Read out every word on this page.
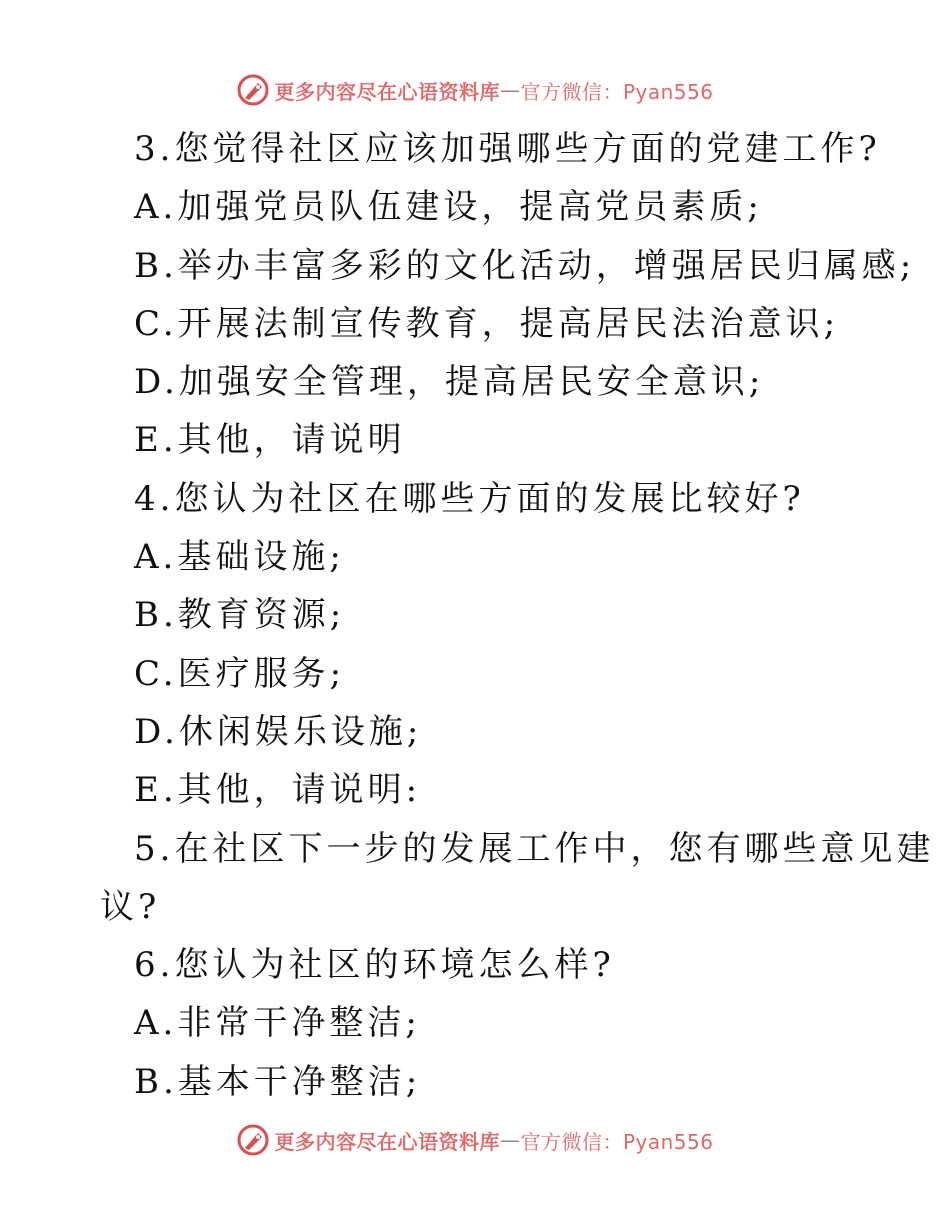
更多内容尽在心语资料库 — 官方微信：Pyan556
3.您觉得社区应该加强哪些方面的党建工作?
A.加强党员队伍建设，提高党员素质;
B.举办丰富多彩的文化活动，增强居民归属感;
C.开展法制宣传教育，提高居民法治意识;
D.加强安全管理，提高居民安全意识;
E.其他，请说明
4.您认为社区在哪些方面的发展比较好?
A.基础设施;
B.教育资源;
C.医疗服务;
D.休闲娱乐设施;
E.其他，请说明:
5.在社区下一步的发展工作中，您有哪些意见建
议?
6.您认为社区的环境怎么样?
A.非常干净整洁;
B.基本干净整洁;
更多内容尽在心语资料库 — 官方微信：Pyan556
